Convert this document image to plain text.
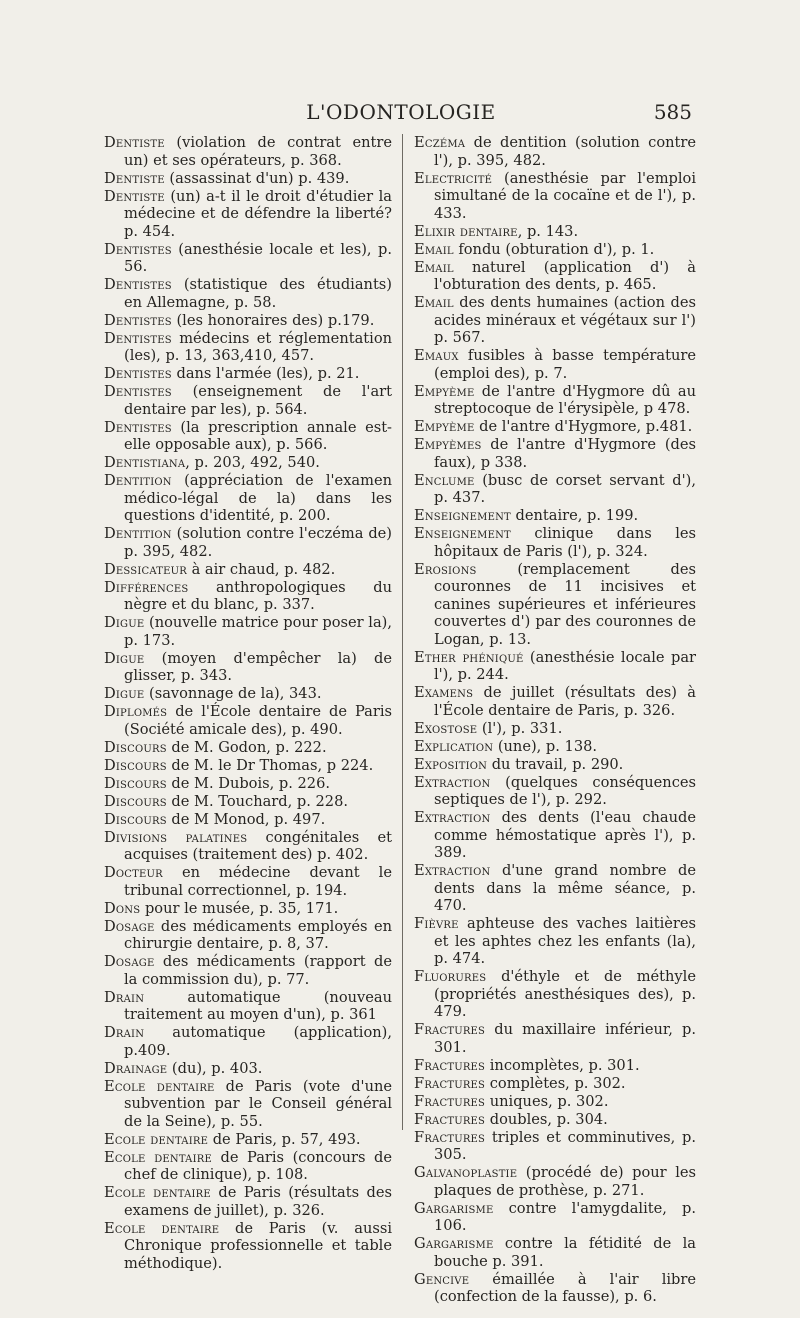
L'ODONTOLOGIE	585

Dentiste (violation de contrat entre un) et ses opérateurs, p. 368.

Dentiste (assassinat d'un) p. 439.

Dentiste (un) a-t il le droit d'étudier la médecine et de défendre la liberté? p. 454.

Dentistes (anesthésie locale et les), p. 56.

Dentistes (statistique des étudiants) en Allemagne, p. 58.

Dentistes (les honoraires des) p.179.

Dentistes médecins et réglementation (les), p. 13, 363,410, 457.

Dentistes dans l'armée (les), p. 21.

Dentistes (enseignement de l'art dentaire par les), p. 564.

Dentistes (la prescription annale est-elle opposable aux), p. 566.

Dentistiana, p. 203, 492, 540.

Dentition (appréciation de l'examen médico-légal de la) dans les questions d'identité, p. 200.

Dentition (solution contre l'eczéma de) p. 395, 482.

Dessicateur à air chaud, p. 482.

Différences anthropologiques du nègre et du blanc, p. 337.

Digue (nouvelle matrice pour poser la), p. 173.

Digue (moyen d'empêcher la) de glisser, p. 343.

Digue (savonnage de la), 343.

Diplomés de l'École dentaire de Paris (Société amicale des), p. 490.

Discours de M. Godon, p. 222.

Discours de M. le Dr Thomas, p 224.

Discours de M. Dubois, p. 226.

Discours de M. Touchard, p. 228.

Discours de M Monod, p. 497.

Divisions palatines congénitales et acquises (traitement des) p. 402.

Docteur en médecine devant le tribunal correctionnel, p. 194.

Dons pour le musée, p. 35, 171.

Dosage des médicaments employés en chirurgie dentaire, p. 8, 37.

Dosage des médicaments (rapport de la commission du), p. 77.

Drain automatique (nouveau traitement au moyen d'un), p. 361

Drain automatique (application), p.409.

Drainage (du), p. 403.

Ecole dentaire de Paris (vote d'une subvention par le Conseil général de la Seine), p. 55.

Ecole dentaire de Paris, p. 57, 493.

Ecole dentaire de Paris (concours de chef de clinique), p. 108.

Ecole dentaire de Paris (résultats des examens de juillet), p. 326.

Ecole dentaire de Paris (v. aussi Chronique professionnelle et table méthodique).

Eczéma de dentition (solution contre l'), p. 395, 482.

Electricité (anesthésie par l'emploi simultané de la cocaïne et de l'), p. 433.

Elixir dentaire, p. 143.

Email fondu (obturation d'), p. 1.

Email naturel (application d') à l'obturation des dents, p. 465.

Email des dents humaines (action des acides minéraux et végétaux sur l') p. 567.

Emaux fusibles à basse température (emploi des), p. 7.

Empyème de l'antre d'Hygmore dû au streptocoque de l'érysipèle, p 478.

Empyème de l'antre d'Hygmore, p.481.

Empyèmes de l'antre d'Hygmore (des faux), p 338.

Enclume (busc de corset servant d'), p. 437.

Enseignement dentaire, p. 199.

Enseignement clinique dans les hôpitaux de Paris (l'), p. 324.

Erosions (remplacement des couronnes de 11 incisives et canines supérieures et inférieures couvertes d') par des couronnes de Logan, p. 13.

Ether phéniqué (anesthésie locale par l'), p. 244.

Examens de juillet (résultats des) à l'École dentaire de Paris, p. 326.

Exostose (l'), p. 331.

Explication (une), p. 138.

Exposition du travail, p. 290.

Extraction (quelques conséquences septiques de l'), p. 292.

Extraction des dents (l'eau chaude comme hémostatique après l'), p. 389.

Extraction d'une grand nombre de dents dans la même séance, p. 470.

Fièvre aphteuse des vaches laitières et les aphtes chez les enfants (la), p. 474.

Fluorures d'éthyle et de méthyle (propriétés anesthésiques des), p. 479.

Fractures du maxillaire inférieur, p. 301.

Fractures incomplètes, p. 301.

Fractures complètes, p. 302.

Fractures uniques, p. 302.

Fractures doubles, p. 304.

Fractures triples et comminutives, p. 305.

Galvanoplastie (procédé de) pour les plaques de prothèse, p. 271.

Gargarisme contre l'amygdalite, p. 106.

Gargarisme contre la fétidité de la bouche p. 391.

Gencive émaillée à l'air libre (confection de la fausse), p. 6.
